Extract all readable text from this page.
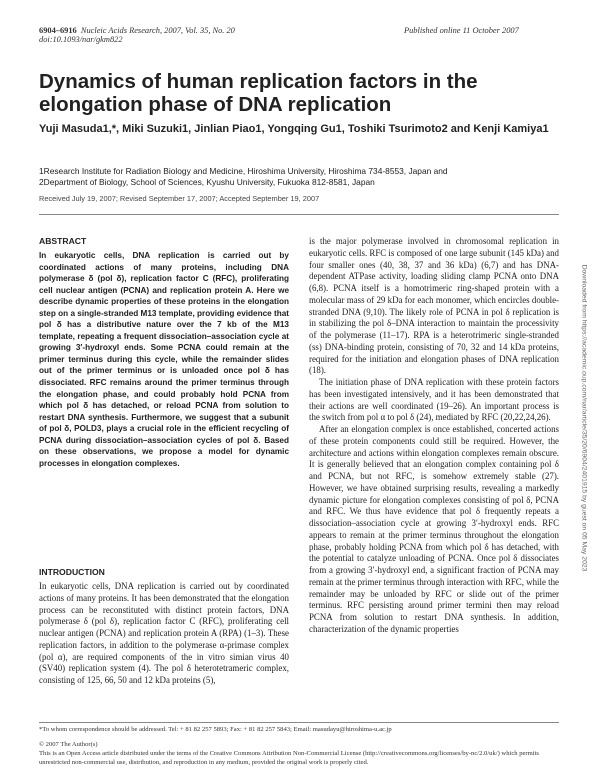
6904–6916 Nucleic Acids Research, 2007, Vol. 35, No. 20
doi:10.1093/nar/gkm822
Published online 11 October 2007
Dynamics of human replication factors in the elongation phase of DNA replication

Yuji Masuda1,*, Miki Suzuki1, Jinlian Piao1, Yongqing Gu1, Toshiki Tsurimoto2 and Kenji Kamiya1

1Research Institute for Radiation Biology and Medicine, Hiroshima University, Hiroshima 734-8553, Japan and
2Department of Biology, School of Sciences, Kyushu University, Fukuoka 812-8581, Japan
Received July 19, 2007; Revised September 17, 2007; Accepted September 19, 2007
ABSTRACT

In eukaryotic cells, DNA replication is carried out by coordinated actions of many proteins, including DNA polymerase δ (pol δ), replication factor C (RFC), proliferating cell nuclear antigen (PCNA) and replication protein A. Here we describe dynamic properties of these proteins in the elongation step on a single-stranded M13 template, providing evidence that pol δ has a distributive nature over the 7 kb of the M13 template, repeating a frequent dissociation–association cycle at growing 3′-hydroxyl ends. Some PCNA could remain at the primer terminus during this cycle, while the remainder slides out of the primer terminus or is unloaded once pol δ has dissociated. RFC remains around the primer terminus through the elongation phase, and could probably hold PCNA from which pol δ has detached, or reload PCNA from solution to restart DNA synthesis. Furthermore, we suggest that a subunit of pol δ, POLD3, plays a crucial role in the efficient recycling of PCNA during dissociation–association cycles of pol δ. Based on these observations, we propose a model for dynamic processes in elongation complexes.

INTRODUCTION

In eukaryotic cells, DNA replication is carried out by coordinated actions of many proteins. It has been demonstrated that the elongation process can be reconstituted with distinct protein factors, DNA polymerase δ (pol δ), replication factor C (RFC), proliferating cell nuclear antigen (PCNA) and replication protein A (RPA) (1–3). These replication factors, in addition to the polymerase α-primase complex (pol α), are required components of the in vitro simian virus 40 (SV40) replication system (4). The pol δ heterotetrameric complex, consisting of 125, 66, 50 and 12 kDa proteins (5),

is the major polymerase involved in chromosomal replication in eukaryotic cells. RFC is composed of one large subunit (145 kDa) and four smaller ones (40, 38, 37 and 36 kDa) (6,7) and has DNA-dependent ATPase activity, loading sliding clamp PCNA onto DNA (6,8). PCNA itself is a homotrimeric ring-shaped protein with a molecular mass of 29 kDa for each monomer, which encircles double-stranded DNA (9,10). The likely role of PCNA in pol δ replication is in stabilizing the pol δ–DNA interaction to maintain the processivity of the polymerase (11–17). RPA is a heterotrimeric single-stranded (ss) DNA-binding protein, consisting of 70, 32 and 14 kDa proteins, required for the initiation and elongation phases of DNA replication (18).

The initiation phase of DNA replication with these protein factors has been investigated intensively, and it has been demonstrated that their actions are well coordinated (19–26). An important process is the switch from pol α to pol δ (24), mediated by RFC (20,22,24,26).

After an elongation complex is once established, concerted actions of these protein components could still be required. However, the architecture and actions within elongation complexes remain obscure. It is generally believed that an elongation complex containing pol δ and PCNA, but not RFC, is somehow extremely stable (27). However, we have obtained surprising results, revealing a markedly dynamic picture for elongation complexes consisting of pol δ, PCNA and RFC. We thus have evidence that pol δ frequently repeats a dissociation–association cycle at growing 3′-hydroxyl ends. RFC appears to remain at the primer terminus throughout the elongation phase, probably holding PCNA from which pol δ has detached, with the potential to catalyze unloading of PCNA. Once pol δ dissociates from a growing 3′-hydroxyl end, a significant fraction of PCNA may remain at the primer terminus through interaction with RFC, while the remainder may be unloaded by RFC or slide out of the primer terminus. RFC persisting around primer termini then may reload PCNA from solution to restart DNA synthesis. In addition, characterization of the dynamic properties

*To whom correspondence should be addressed. Tel: + 81 82 257 5893; Fax: + 81 82 257 5843; Email: masudayu@hiroshima-u.ac.jp
© 2007 The Author(s)
This is an Open Access article distributed under the terms of the Creative Commons Attribution Non-Commercial License (http://creativecommons.org/licenses/by-nc/2.0/uk/) which permits unrestricted non-commercial use, distribution, and reproduction in any medium, provided the original work is properly cited.
Downloaded from https://academic.oup.com/nar/article/35/20/6904/2401915 by guest on 05 May 2023
